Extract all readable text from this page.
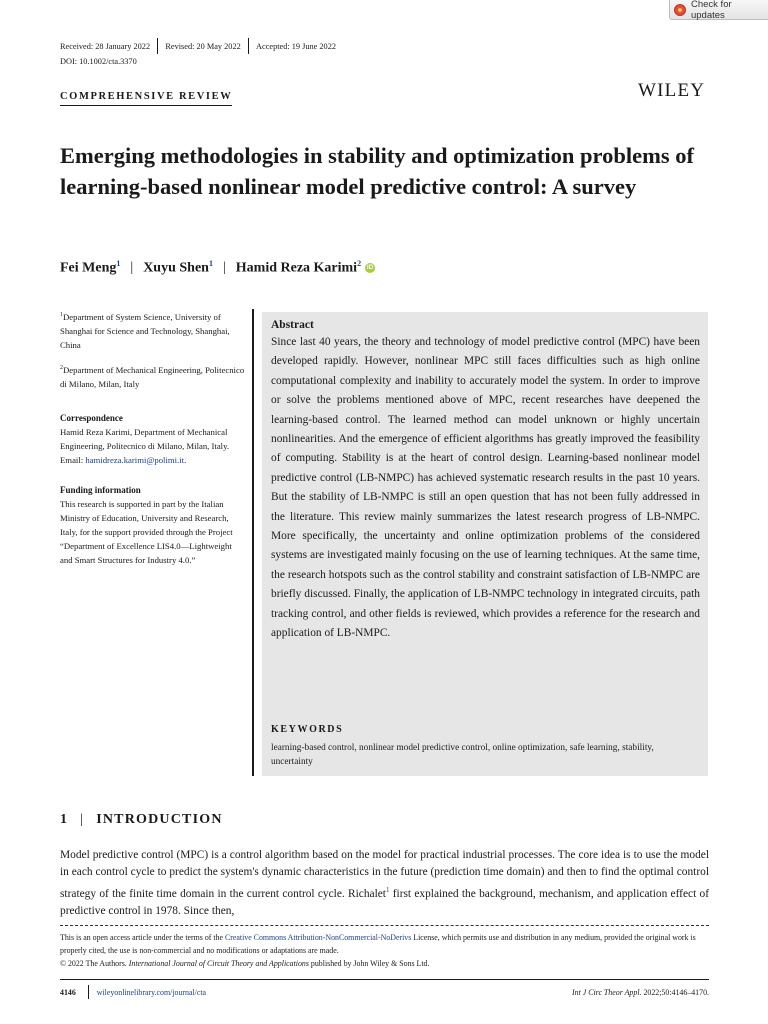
Check for updates
Received: 28 January 2022 Revised: 20 May 2022 Accepted: 19 June 2022
DOI: 10.1002/cta.3370
COMPREHENSIVE REVIEW	WILEY
Emerging methodologies in stability and optimization problems of learning-based nonlinear model predictive control: A survey
Fei Meng$^1$ | Xuyu Shen$^1$ | Hamid Reza Karimi$^2$ iD

$^1$Department of System Science, University of Shanghai for Science and Technology, Shanghai, China

$^2$Department of Mechanical Engineering, Politecnico di Milano, Milan, Italy

Correspondence

Hamid Reza Karimi, Department of Mechanical Engineering, Politecnico di Milano, Milan, Italy.
Email: hamidreza.karimi@polimi.it.

Funding information

This research is supported in part by the Italian Ministry of Education, University and Research, Italy, for the support provided through the Project “Department of Excellence LIS4.0—Lightweight and Smart Structures for Industry 4.0.”

Abstract
Since last 40 years, the theory and technology of model predictive control (MPC) have been developed rapidly. However, nonlinear MPC still faces difficulties such as high online computational complexity and inability to accurately model the system. In order to improve or solve the problems mentioned above of MPC, recent researches have deepened the learning-based control. The learned method can model unknown or highly uncertain nonlinearities. And the emergence of efficient algorithms has greatly improved the feasibility of computing. Stability is at the heart of control design. Learning-based nonlinear model predictive control (LB-NMPC) has achieved systematic research results in the past 10 years. But the stability of LB-NMPC is still an open question that has not been fully addressed in the literature. This review mainly summarizes the latest research progress of LB-NMPC. More specifically, the uncertainty and online optimization problems of the considered systems are investigated mainly focusing on the use of learning techniques. At the same time, the research hotspots such as the control stability and constraint satisfaction of LB-NMPC are briefly discussed. Finally, the application of LB-NMPC technology in integrated circuits, path tracking control, and other fields is reviewed, which provides a reference for the research and application of LB-NMPC.
KEYWORDS
learning-based control, nonlinear model predictive control, online optimization, safe learning, stability, uncertainty
1 | INTRODUCTION
Model predictive control (MPC) is a control algorithm based on the model for practical industrial processes. The core idea is to use the model in each control cycle to predict the system's dynamic characteristics in the future (prediction time domain) and then to find the optimal control strategy of the finite time domain in the current control cycle. Richalet$^1$ first explained the background, mechanism, and application effect of predictive control in 1978. Since then,
This is an open access article under the terms of the Creative Commons Attribution-NonCommercial-NoDerivs License, which permits use and distribution in any medium, provided the original work is properly cited, the use is non-commercial and no modifications or adaptations are made.
© 2022 The Authors. International Journal of Circuit Theory and Applications published by John Wiley & Sons Ltd.
4146	wileyonlinelibrary.com/journal/cta	Int J Circ Theor Appl. 2022;50:4146–4170.
